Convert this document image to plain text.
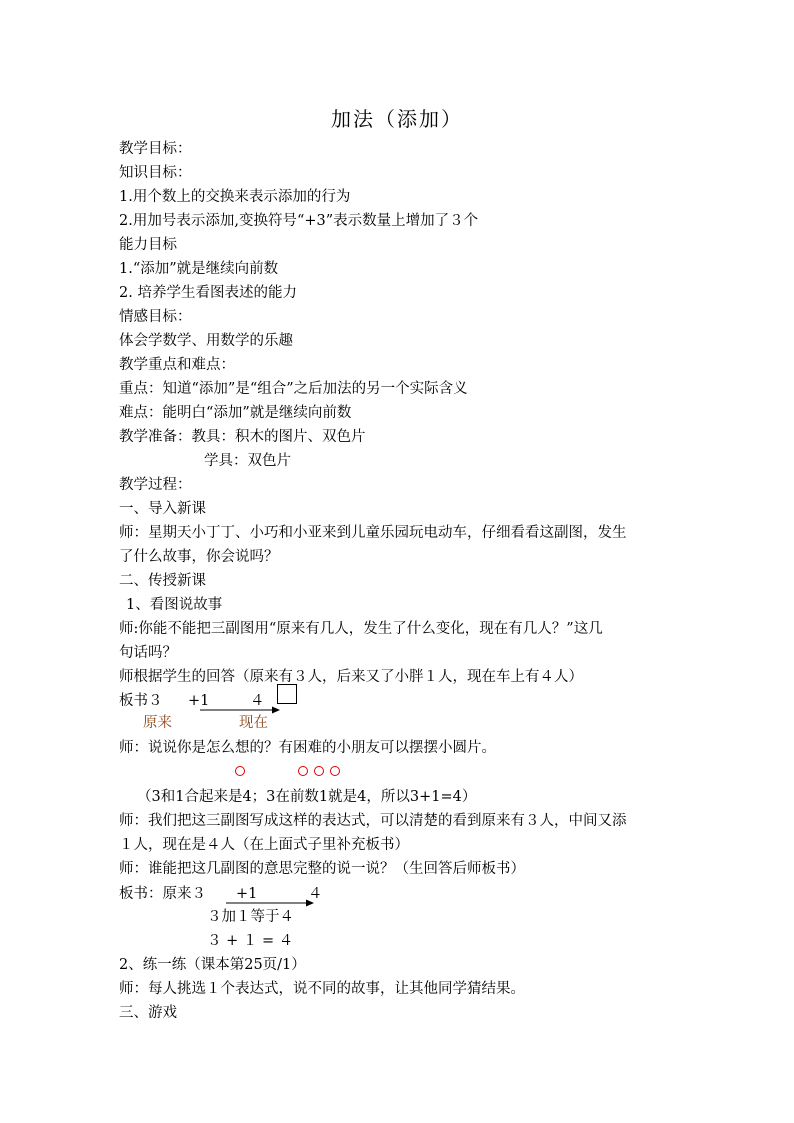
加法（添加）
教学目标：
知识目标：
1.用个数上的交换来表示添加的行为
2.用加号表示添加,变换符号“+3”表示数量上增加了３个
能力目标
1.“添加”就是继续向前数
2. 培养学生看图表述的能力
情感目标：
体会学数学、用数学的乐趣
教学重点和难点：
重点：知道“添加”是“组合”之后加法的另一个实际含义
难点：能明白“添加”就是继续向前数
教学准备：教具：积木的图片、双色片
学具：双色片
教学过程：
一、导入新课
师：星期天小丁丁、小巧和小亚来到儿童乐园玩电动车，仔细看看这副图，发生
了什么故事，你会说吗？
二、传授新课
1、看图说故事
师:你能不能把三副图用“原来有几人，发生了什么变化，现在有几人？”这几
句话吗？
师根据学生的回答（原来有３人，后来又了小胖１人，现在车上有４人）
板书３ +1	４
原来	现在
师：说说你是怎么想的？有困难的小朋友可以摆摆小圆片。
（3和1合起来是4；3在前数1就是4，所以3+1=4）
师：我们把这三副图写成这样的表达式，可以清楚的看到原来有３人，中间又添
１人，现在是４人（在上面式子里补充板书）
师：谁能把这几副图的意思完整的说一说？（生回答后师板书）
板书：原来３ +1	４
３加１等于４
３ + １ = ４
2、练一练（课本第25页/1）
师：每人挑选１个表达式，说不同的故事，让其他同学猜结果。
三、游戏
